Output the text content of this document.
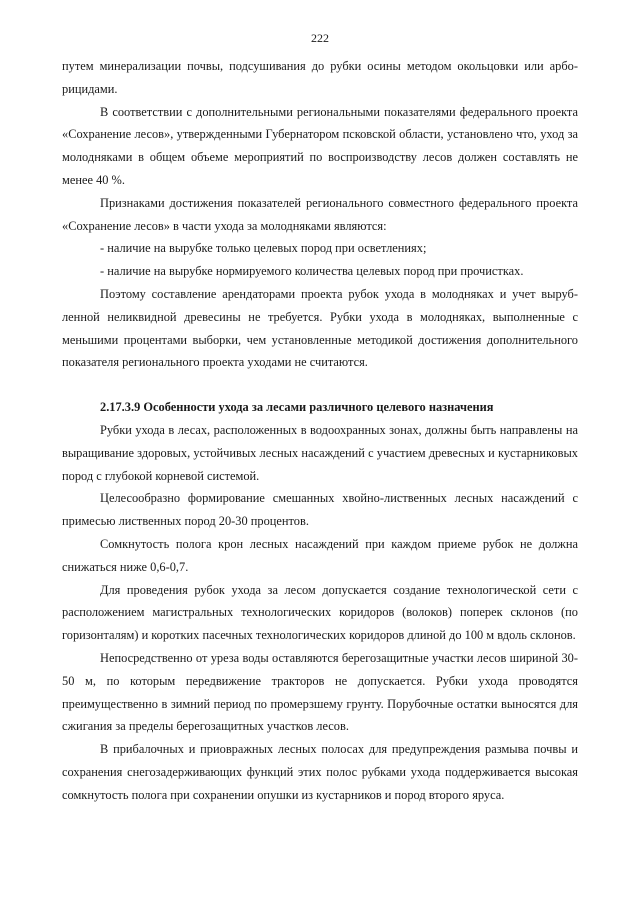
222

путем минерализации почвы, подсушивания до рубки осины методом окольцовки или арборицидами.

В соответствии с дополнительными региональными показателями федерального проекта «Сохранение лесов», утвержденными Губернатором псковской области, установлено что, уход за молодняками в общем объеме мероприятий по воспроизводству лесов должен составлять не менее 40 %.

Признаками достижения показателей регионального совместного федерального проекта «Сохранение лесов» в части ухода за молодняками являются:

- наличие на вырубке только целевых пород при осветлениях;

- наличие на вырубке нормируемого количества целевых пород при прочистках.

Поэтому составление арендаторами проекта рубок ухода в молодняках и учет вырубленной неликвидной древесины не требуется. Рубки ухода в молодняках, выполненные с меньшими процентами выборки, чем установленные методикой достижения дополнительного показателя регионального проекта уходами не считаются.

2.17.3.9 Особенности ухода за лесами различного целевого назначения

Рубки ухода в лесах, расположенных в водоохранных зонах, должны быть направлены на выращивание здоровых, устойчивых лесных насаждений с участием древесных и кустарниковых пород с глубокой корневой системой.

Целесообразно формирование смешанных хвойно-лиственных лесных насаждений с примесью лиственных пород 20-30 процентов.

Сомкнутость полога крон лесных насаждений при каждом приеме рубок не должна снижаться ниже 0,6-0,7.

Для проведения рубок ухода за лесом допускается создание технологической сети с расположением магистральных технологических коридоров (волоков) поперек склонов (по горизонталям) и коротких пасечных технологических коридоров длиной до 100 м вдоль склонов.

Непосредственно от уреза воды оставляются берегозащитные участки лесов шириной 30-50 м, по которым передвижение тракторов не допускается. Рубки ухода проводятся преимущественно в зимний период по промерзшему грунту. Порубочные остатки выносятся для сжигания за пределы берегозащитных участков лесов.

В прибалочных и приовражных лесных полосах для предупреждения размыва почвы и сохранения снегозадерживающих функций этих полос рубками ухода поддерживается высокая сомкнутость полога при сохранении опушки из кустарников и пород второго яруса.
